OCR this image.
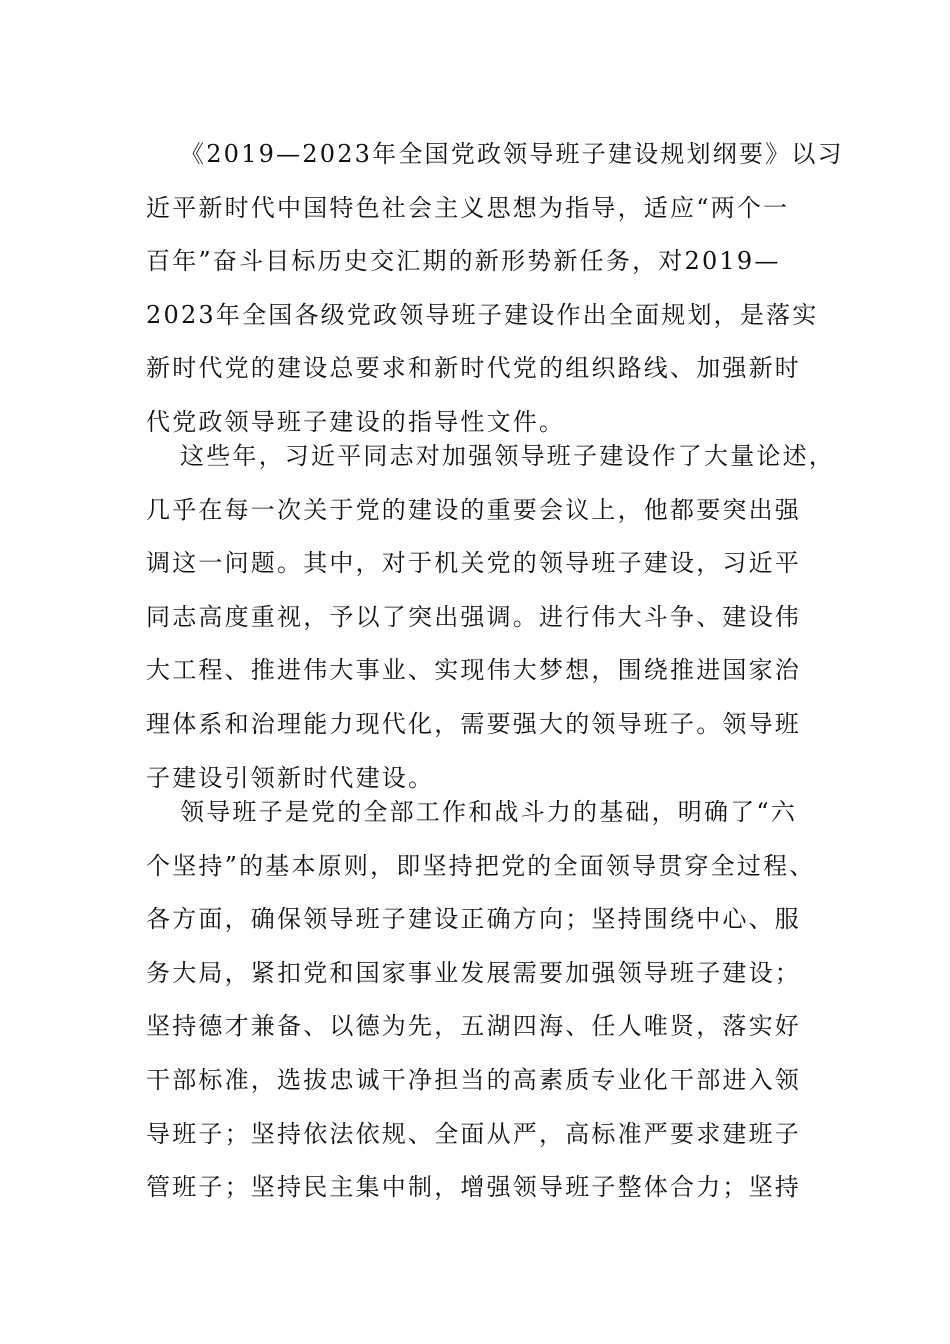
《2019—2023年全国党政领导班子建设规划纲要》以习
近平新时代中国特色社会主义思想为指导，适应“两个一
百年”奋斗目标历史交汇期的新形势新任务，对2019—
2023年全国各级党政领导班子建设作出全面规划，是落实
新时代党的建设总要求和新时代党的组织路线、加强新时
代党政领导班子建设的指导性文件。
这些年，习近平同志对加强领导班子建设作了大量论述，
几乎在每一次关于党的建设的重要会议上，他都要突出强
调这一问题。其中，对于机关党的领导班子建设，习近平
同志高度重视，予以了突出强调。进行伟大斗争、建设伟
大工程、推进伟大事业、实现伟大梦想，围绕推进国家治
理体系和治理能力现代化，需要强大的领导班子。领导班
子建设引领新时代建设。
领导班子是党的全部工作和战斗力的基础，明确了“六
个坚持”的基本原则，即坚持把党的全面领导贯穿全过程、
各方面，确保领导班子建设正确方向；坚持围绕中心、服
务大局，紧扣党和国家事业发展需要加强领导班子建设；
坚持德才兼备、以德为先，五湖四海、任人唯贤，落实好
干部标准，选拔忠诚干净担当的高素质专业化干部进入领
导班子；坚持依法依规、全面从严，高标准严要求建班子
管班子；坚持民主集中制，增强领导班子整体合力；坚持
